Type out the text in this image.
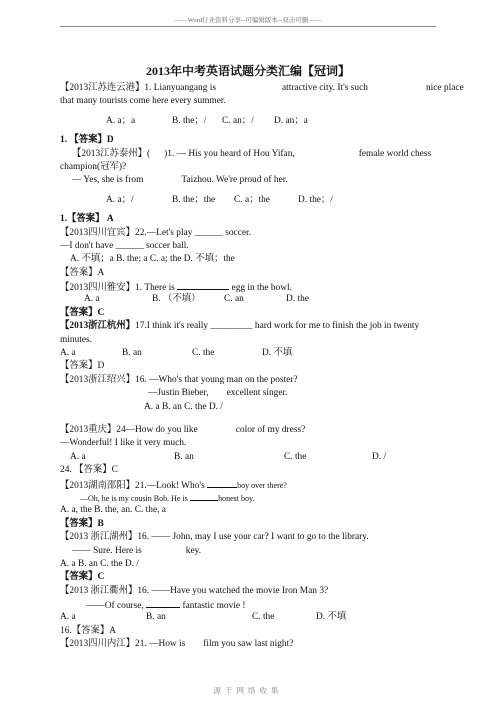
——Word行业资料分享--可编辑版本--双击可删——
2013年中考英语试题分类汇编【冠词】
【2013江苏连云港】1. Lianyuangang is	attractive city. It's such	nice place
that many tourists come here every summer.
A. a；a	B. the；/ C. an；/ D. an；a
1. 【答案】D
【2013江苏泰州】( )1. — His you heard of Hou Yifan,	female world chess
champion(冠军)?
— Yes, she is from	Taizhou. We're proud of her.
A. a；/	B. the；the C. a；the	D. the；/
1.【答案】 A
【2013四川宜宾】22.—Let's play ______ soccer.
—I don't have ______ soccer ball.
A. 不填；a B. the; a C. a; the D. 不填；the
【答案】A
【2013四川雅安】1. There is	egg in the bowl.
A. a	B. （不填）	C. an	D. the
【答案】C
【2013浙江杭州】17.I think it's really _________ hard work for me to finish the job in twenty minutes.
A. a	B. an	C. the	D. 不填
【答案】D
【2013浙江绍兴】16. —Who's that young man on the poster?
—Justin Bieber, excellent singer.
A. a B. an C. the D. /
【2013重庆】24—How do you like	color of my dress?
—Wonderful! I like it very much.
A. a	B. an	C. the	D. /
24. 【答案】C
【2013湖南邵阳】21.—Look! Who's	boy over there?
—Oh, he is my cousin Bob. He is	honest boy.
A. a, the B. the, an. C. the, a
【答案】B
【2013 浙江湖州】16. —— John, may I use your car? I want to go to the library.
—— Sure. Here is	key.
A. a B. an C. the D. /
【答案】C
【2013 浙江衢州】16. ——Have you watched the movie Iron Man 3?
——Of course,	fantastic movie !
A. a	B. an	C. the	D. 不填
16.【答案】A
【2013四川内江】21. —How is film you saw last night?
源于网络收集
